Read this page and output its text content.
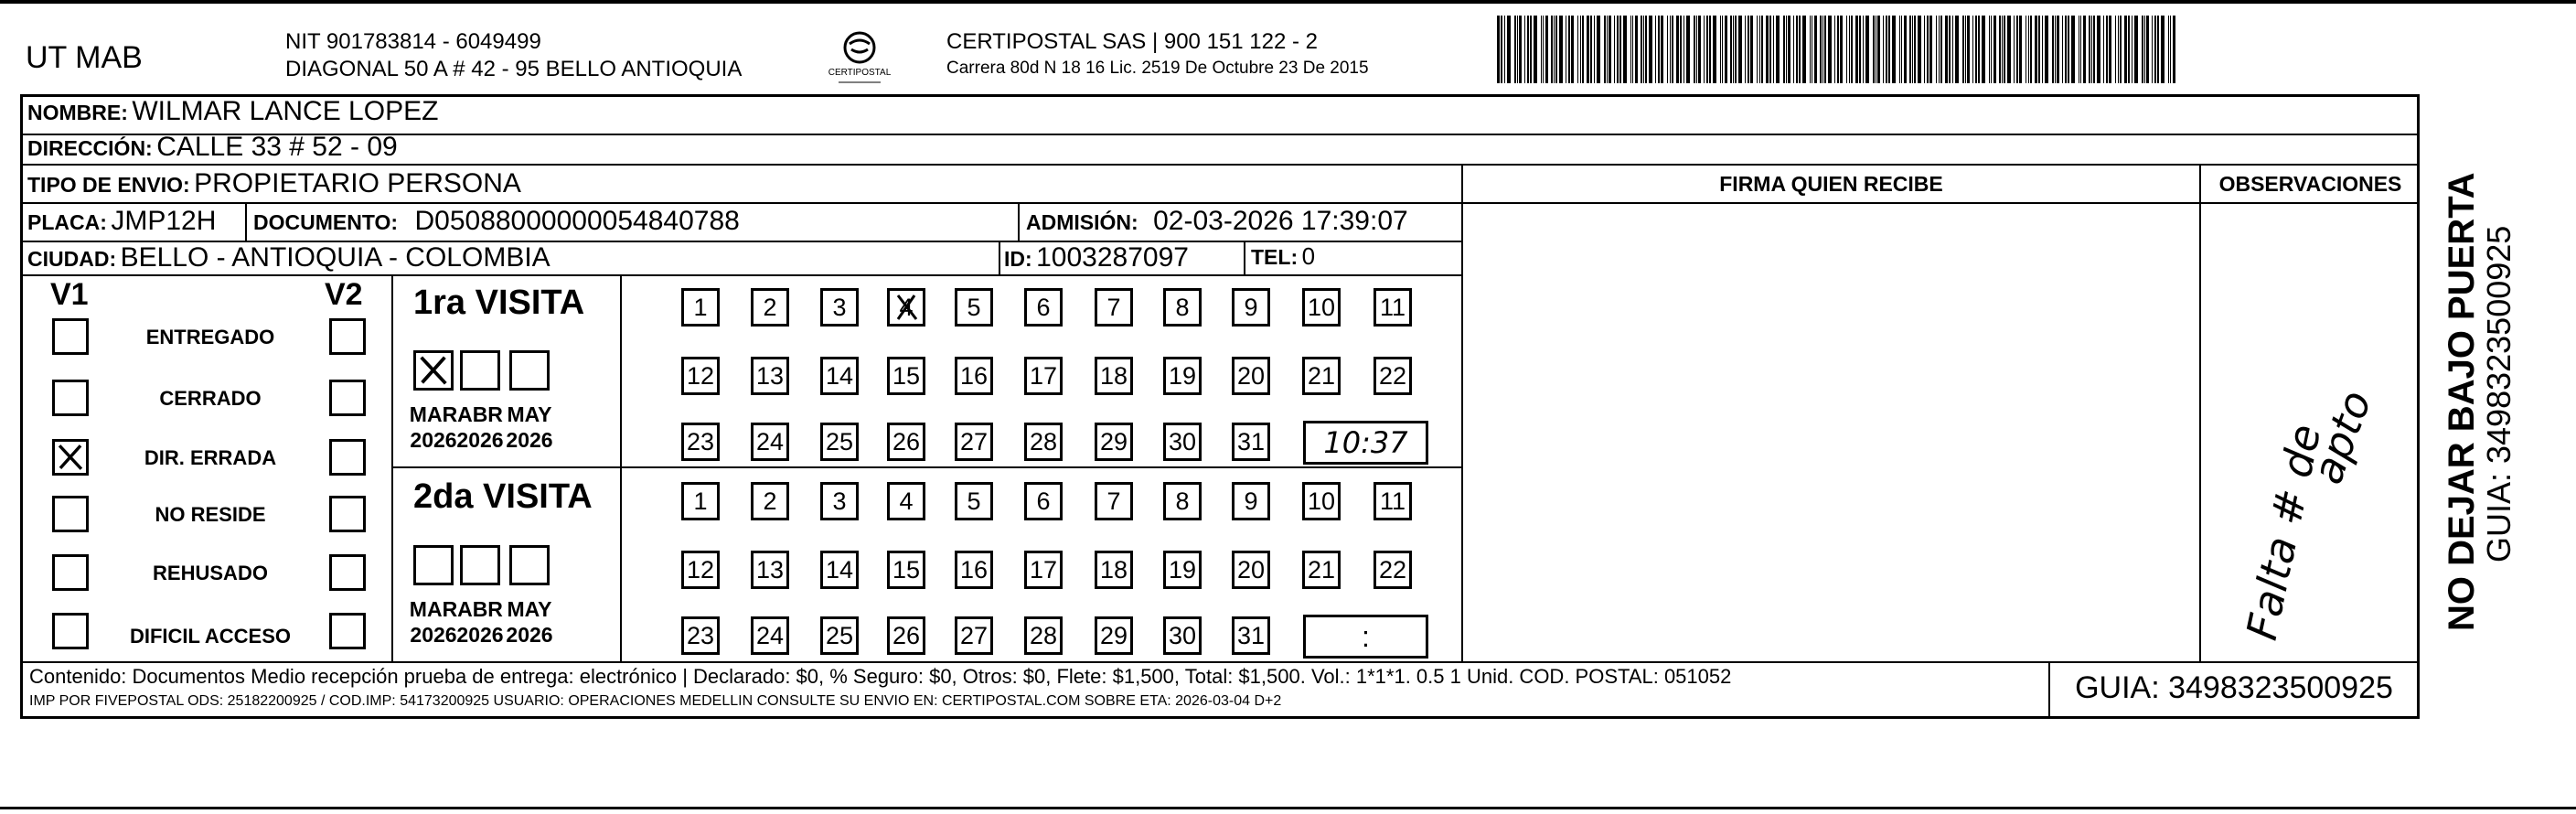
UT MAB	NIT 901783814 - 6049499
DIAGONAL 50 A # 42 - 95 BELLO ANTIOQUIA	CERTIPOSTAL
CERTIPOSTAL SAS | 900 151 122 - 2
Carrera 80d N 18 16 Lic. 2519 De Octubre 23 De 2015
NOMBRE: WILMAR LANCE LOPEZ
DIRECCIÓN: CALLE 33 # 52 - 09
TIPO DE ENVIO: PROPIETARIO PERSONA
PLACA: JMP12H DOCUMENTO: D05088000000054840788	ADMISIÓN: 02-03-2026 17:39:07
CIUDAD: BELLO - ANTIOQUIA - COLOMBIA	ID: 1003287097	TEL: 0
FIRMA QUIEN RECIBE	OBSERVACIONES
V1	V2
ENTREGADO
CERRADO
DIR. ERRADA
NO RESIDE
REHUSADO
DIFICIL ACCESO
1ra VISITA
2da VISITA
MAR
2026
ABR
2026
MAY
2026
1	2	3	4	5	6	7	8	9	10 11
12 13 14 15 16 17 18 19 20 21 22
23 24 25 26 27 28 29 30 31 10:37
MAR
2026
ABR
2026
MAY
2026
1	2	3	4	5	6	7	8	9	10 11
12 13 14 15 16 17 18 19 20 21 22
23 24 25 26 27 28 29 30 31	:	Falta # de
apto
Contenido: Documentos Medio recepción prueba de entrega: electrónico | Declarado: $0, % Seguro: $0, Otros: $0, Flete: $1,500, Total: $1,500. Vol.: 1*1*1. 0.5 1 Unid. COD. POSTAL: 051052
IMP POR FIVEPOSTAL ODS: 25182200925 / COD.IMP: 54173200925 USUARIO: OPERACIONES MEDELLIN CONSULTE SU ENVIO EN: CERTIPOSTAL.COM SOBRE ETA: 2026-03-04 D+2	GUIA: 3498323500925
NO DEJAR BAJO PUERTA
GUIA: 3498323500925
